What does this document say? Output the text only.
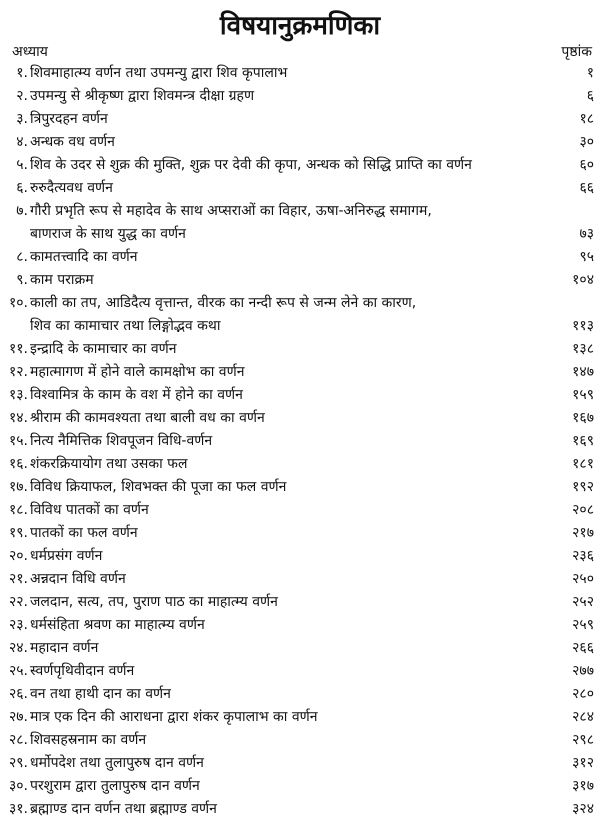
विषयानुक्रमणिका
अध्याय	पृष्ठांक
१. शिवमाहात्म्य वर्णन तथा उपमन्यु द्वारा शिव कृपालाभ	१
२. उपमन्यु से श्रीकृष्ण द्वारा शिवमन्त्र दीक्षा ग्रहण	६
३. त्रिपुरदहन वर्णन	१८
४. अन्धक वध वर्णन	३०
५. शिव के उदर से शुक्र की मुक्ति, शुक्र पर देवी की कृपा, अन्धक को सिद्धि प्राप्ति का वर्णन	६०
६. रुरुदैत्यवध वर्णन	६६
७. गौरी प्रभृति रूप से महादेव के साथ अप्सराओं का विहार, ऊषा-अनिरुद्ध समागम,
बाणराज के साथ युद्ध का वर्णन	७३
८. कामतत्त्वादि का वर्णन	९५
९. काम पराक्रम	१०४
१०. काली का तप, आडिदैत्य वृत्तान्त, वीरक का नन्दी रूप से जन्म लेने का कारण,
शिव का कामाचार तथा लिङ्गोद्भव कथा	११३
११. इन्द्रादि के कामाचार का वर्णन	१३८
१२. महात्मागण में होने वाले कामक्षोभ का वर्णन	१४७
१३. विश्वामित्र के काम के वश में होने का वर्णन	१५९
१४. श्रीराम की कामवश्यता तथा बाली वध का वर्णन	१६७
१५. नित्य नैमित्तिक शिवपूजन विधि-वर्णन	१६९
१६. शंकरक्रियायोग तथा उसका फल	१८१
१७. विविध क्रियाफल, शिवभक्त की पूजा का फल वर्णन	१९२
१८. विविध पातकों का वर्णन	२०८
१९. पातकों का फल वर्णन	२१७
२०. धर्मप्रसंग वर्णन	२३६
२१. अन्नदान विधि वर्णन	२५०
२२. जलदान, सत्य, तप, पुराण पाठ का माहात्म्य वर्णन	२५२
२३. धर्मसंहिता श्रवण का माहात्म्य वर्णन	२५९
२४. महादान वर्णन	२६६
२५. स्वर्णपृथिवीदान वर्णन	२७७
२६. वन तथा हाथी दान का वर्णन	२८०
२७. मात्र एक दिन की आराधना द्वारा शंकर कृपालाभ का वर्णन	२८४
२८. शिवसहस्रनाम का वर्णन	२९८
२९. धर्मोपदेश तथा तुलापुरुष दान वर्णन	३१२
३०. परशुराम द्वारा तुलापुरुष दान वर्णन	३१७
३१. ब्रह्माण्ड दान वर्णन तथा ब्रह्माण्ड वर्णन	३२४
